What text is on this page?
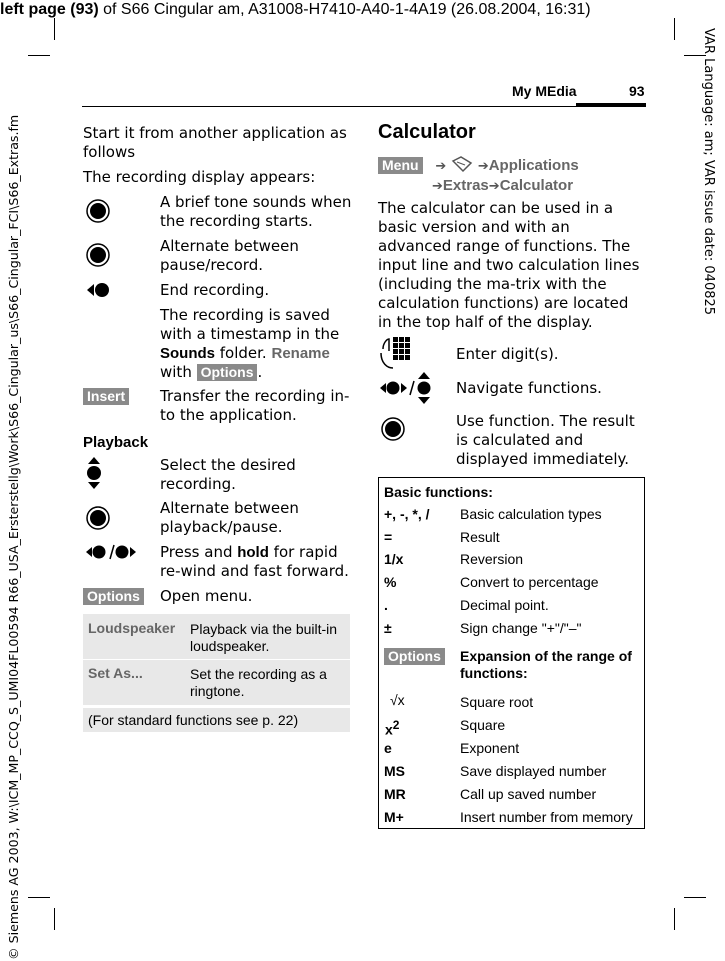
left page (93) of S66 Cingular am, A31008-H7410-A40-1-4A19 (26.08.2004, 16:31)
VAR Language: am; VAR issue date: 040825
© Siemens AG 2003, W:\ICM_MP_CCQ_S_UMI04FL00594 R66_USA_Ersterstellg\Work\S66_Cingular_us\S66_Cingular_FCI\S66_Extras.fm
My MEdia	93
Start it from another application as follows
The recording display appears:
A brief tone sounds when the recording starts.
Alternate between pause/record.
End recording.
The recording is saved with a timestamp in the Sounds folder. Rename with Options .
Insert Transfer the recording in-to the application.
Playback
Select the desired recording.
Alternate between playback/pause.
Press and hold for rapid re-wind and fast forward.
Options Open menu.
Loudspeaker Playback via the built-in loudspeaker.
Set As...	Set the recording as a ringtone.
(For standard functions see p. 22)
Calculator
Menu ➔ ➔Applications
➔Extras➔Calculator
The calculator can be used in a basic version and with an advanced range of functions. The input line and two calculation lines (including the ma-trix with the calculation functions) are located in the top half of the display.
Enter digit(s).
Navigate functions.
Use function. The result is calculated and displayed immediately.
Basic functions:
+, -, *, / Basic calculation types
=	Result
1/x	Reversion
%	Convert to percentage
.	Decimal point.
±	Sign change "+"/"–"
Options Expansion of the range of functions:
√x	Square root
$x^2$	Square
e	Exponent
MS	Save displayed number
MR	Call up saved number
M+	Insert number from memory
